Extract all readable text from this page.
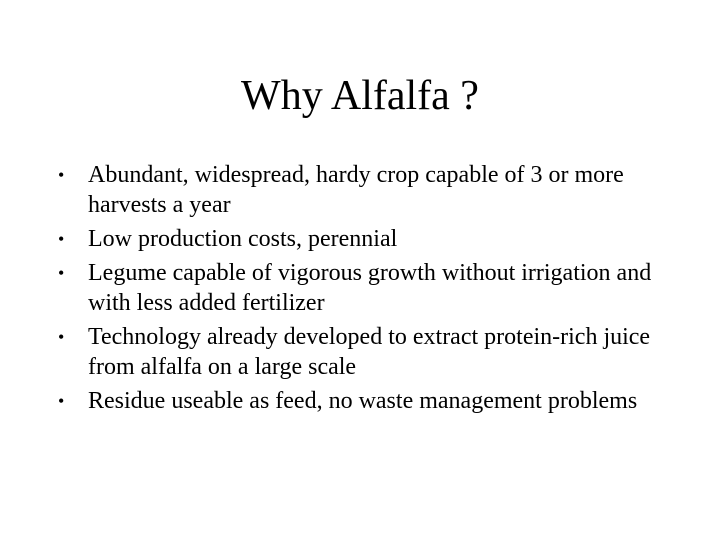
Why Alfalfa ?
• Abundant, widespread, hardy crop capable of 3 or more harvests a year
• Low production costs, perennial
• Legume capable of vigorous growth without irrigation and with less added fertilizer
• Technology already developed to extract protein-rich juice from alfalfa on a large scale
• Residue useable as feed, no waste management problems
